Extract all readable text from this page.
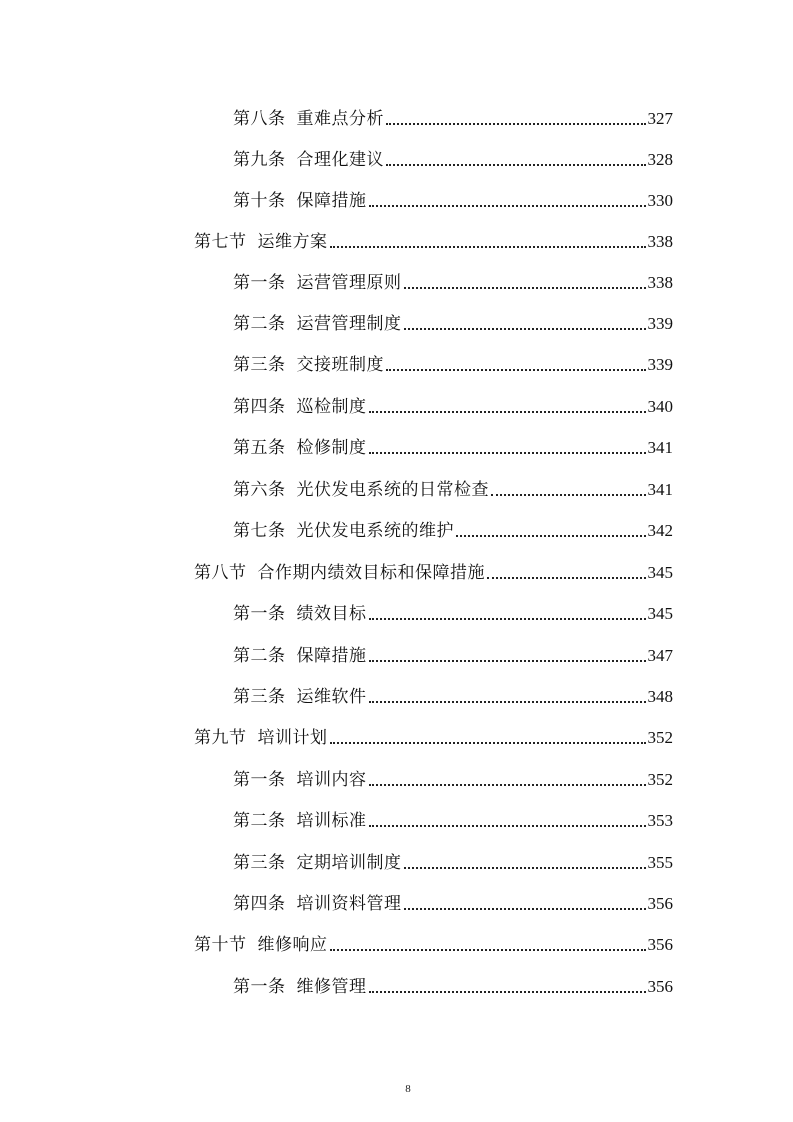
第八条 重难点分析	327
第九条 合理化建议	328
第十条 保障措施	330
第七节 运维方案	338
第一条 运营管理原则	338
第二条 运营管理制度	339
第三条 交接班制度	339
第四条 巡检制度	340
第五条 检修制度	341
第六条 光伏发电系统的日常检查	341
第七条 光伏发电系统的维护	342
第八节 合作期内绩效目标和保障措施	345
第一条 绩效目标	345
第二条 保障措施	347
第三条 运维软件	348
第九节 培训计划	352
第一条 培训内容	352
第二条 培训标准	353
第三条 定期培训制度	355
第四条 培训资料管理	356
第十节 维修响应	356
第一条 维修管理	356
8
